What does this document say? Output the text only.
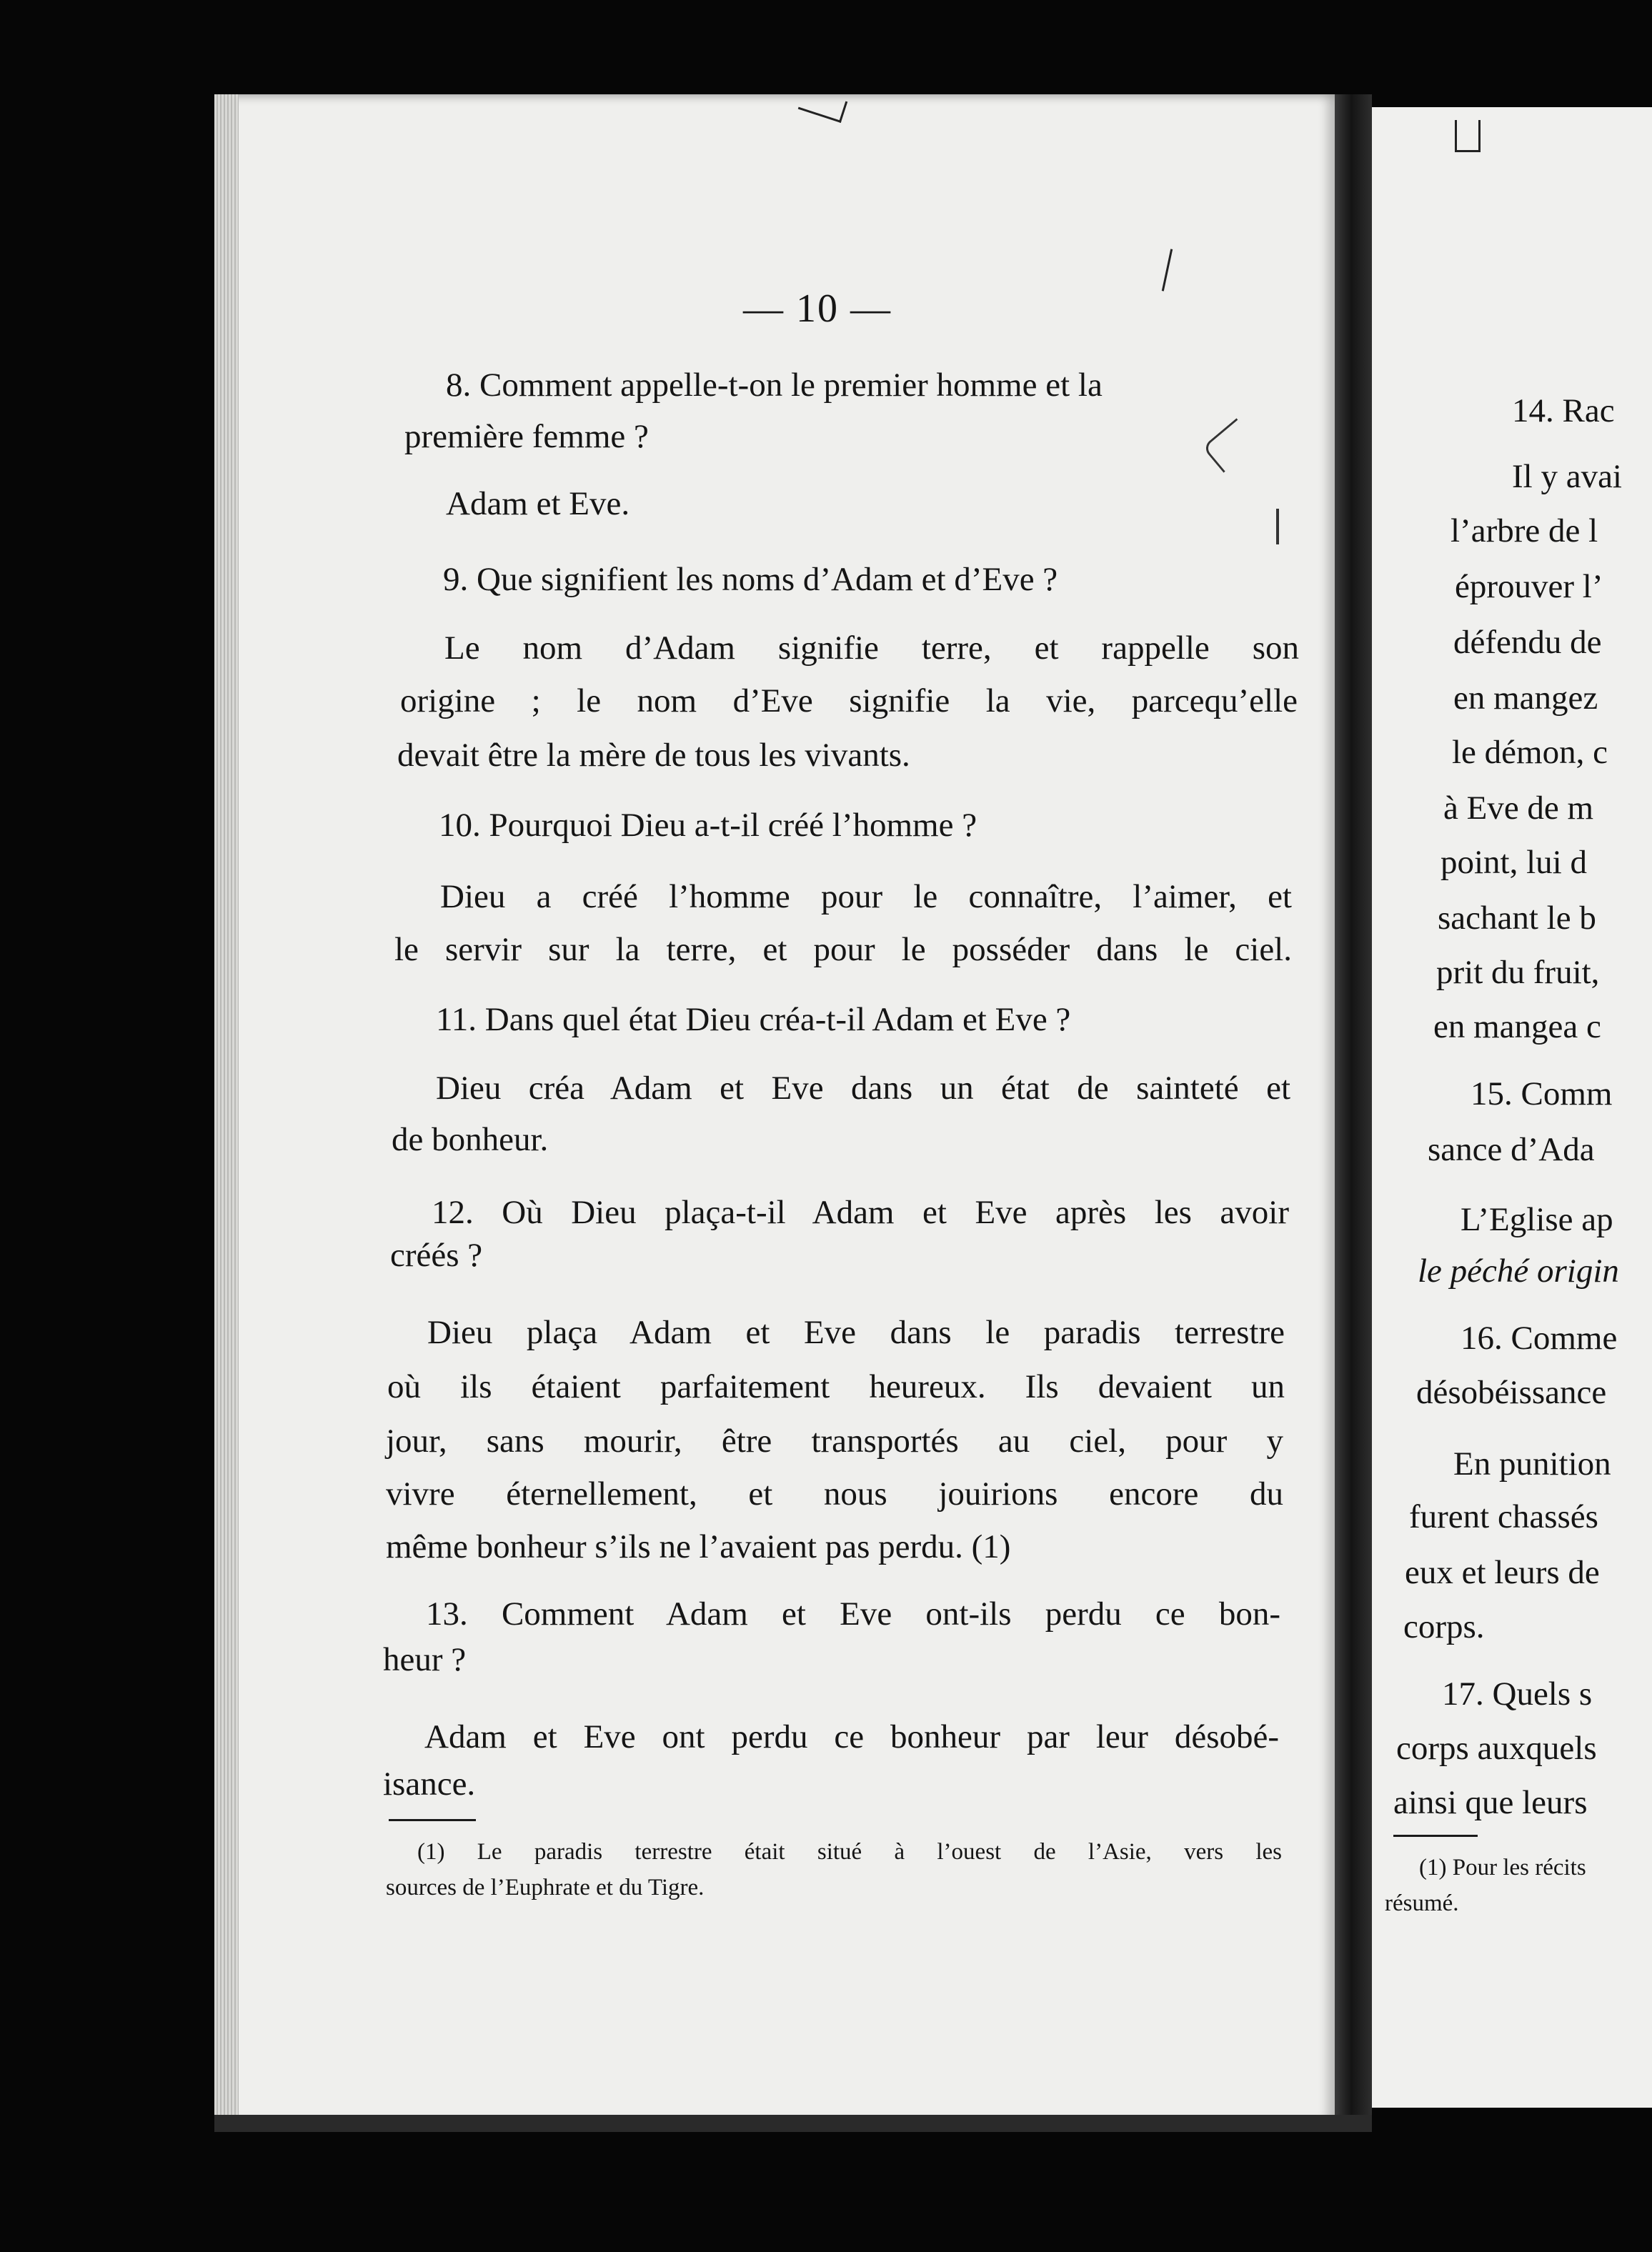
— 10 —
8. Comment appelle-t-on le premier homme et la
première femme ?
Adam et Eve.
9. Que signifient les noms d’Adam et d’Eve ?
Le nom d’Adam signifie terre, et rappelle son
origine ; le nom d’Eve signifie la vie, parcequ’elle
devait être la mère de tous les vivants.
10. Pourquoi Dieu a-t-il créé l’homme ?
Dieu a créé l’homme pour le connaître, l’aimer, et
le servir sur la terre, et pour le posséder dans le ciel.
11. Dans quel état Dieu créa-t-il Adam et Eve ?
Dieu créa Adam et Eve dans un état de sainteté et
de bonheur.
12. Où Dieu plaça-t-il Adam et Eve après les avoir
créés ?
Dieu plaça Adam et Eve dans le paradis terrestre
où ils étaient parfaitement heureux. Ils devaient un
jour, sans mourir, être transportés au ciel, pour y
vivre éternellement, et nous jouirions encore du
même bonheur s’ils ne l’avaient pas perdu. (1)
13. Comment Adam et Eve ont-ils perdu ce bon-
heur ?
Adam et Eve ont perdu ce bonheur par leur désobé-
isance.
(1) Le paradis terrestre était situé à l’ouest de l’Asie, vers les
sources de l’Euphrate et du Tigre.
14. Rac
Il y avai
l’arbre de l
éprouver l’
défendu de
en mangez
le démon, c
à Eve de m
point, lui d
sachant le b
prit du fruit,
en mangea c
15. Comm
sance d’Ada
L’Eglise ap
le péché origin
16. Comme
désobéissance
En punition
furent chassés
eux et leurs de
corps.
17. Quels s
corps auxquels
ainsi que leurs
(1) Pour les récits
résumé.
